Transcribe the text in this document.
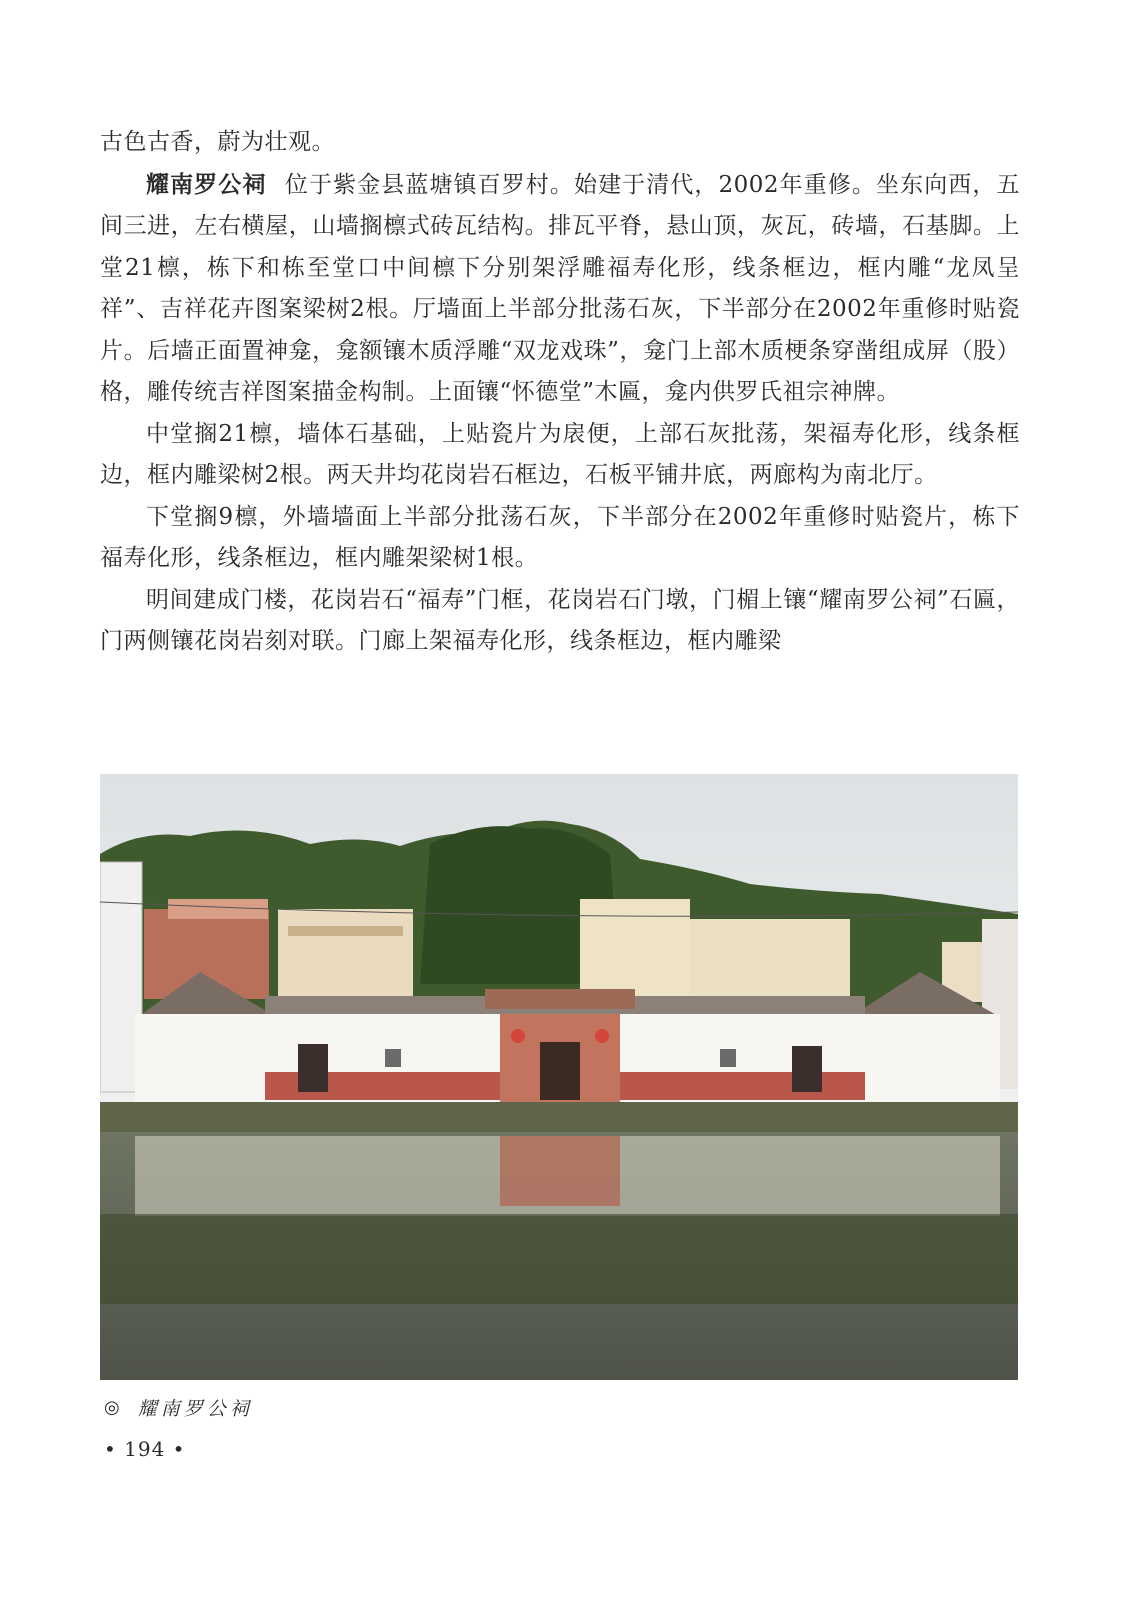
古色古香，蔚为壮观。

耀南罗公祠 位于紫金县蓝塘镇百罗村。始建于清代，2002年重修。坐东向西，五间三进，左右横屋，山墙搁檩式砖瓦结构。排瓦平脊，悬山顶，灰瓦，砖墙，石基脚。上堂21檩，栋下和栋至堂口中间檩下分别架浮雕福寿化形，线条框边，框内雕“龙凤呈祥”、吉祥花卉图案梁树2根。厅墙面上半部分批荡石灰，下半部分在2002年重修时贴瓷片。后墙正面置神龛，龛额镶木质浮雕“双龙戏珠”，龛门上部木质梗条穿凿组成屏（股）格，雕传统吉祥图案描金构制。上面镶“怀德堂”木匾，龛内供罗氏祖宗神牌。

中堂搁21檩，墙体石基础，上贴瓷片为扆便，上部石灰批荡，架福寿化形，线条框边，框内雕梁树2根。两天井均花岗岩石框边，石板平铺井底，两廊构为南北厅。

下堂搁9檩，外墙墙面上半部分批荡石灰，下半部分在2002年重修时贴瓷片，栋下福寿化形，线条框边，框内雕架梁树1根。

明间建成门楼，花岗岩石“福寿”门框，花岗岩石门墩，门楣上镶“耀南罗公祠”石匾，门两侧镶花岗岩刻对联。门廊上架福寿化形，线条框边，框内雕梁

◎ 耀南罗公祠
• 194 •
